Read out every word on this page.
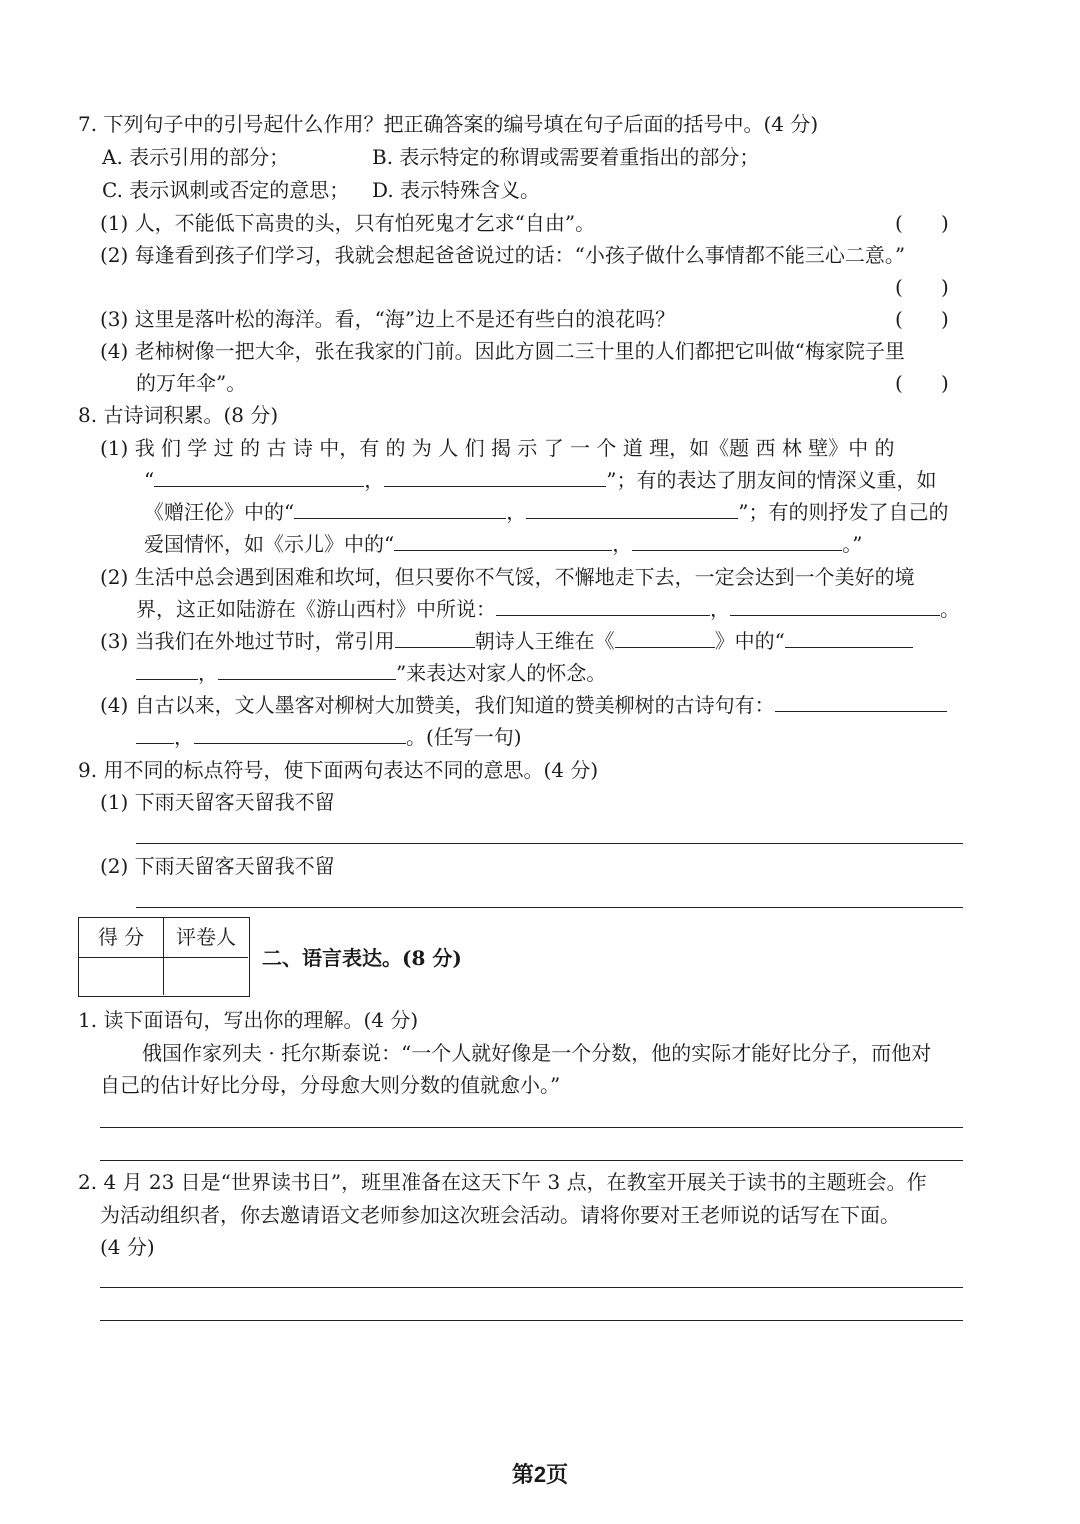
7. 下列句子中的引号起什么作用？把正确答案的编号填在句子后面的括号中。(4 分)
A. 表示引用的部分；	B. 表示特定的称谓或需要着重指出的部分；
C. 表示讽刺或否定的意思； D. 表示特殊含义。
(1) 人，不能低下高贵的头，只有怕死鬼才乞求“自由”。	(      )
(2) 每逢看到孩子们学习，我就会想起爸爸说过的话：“小孩子做什么事情都不能三心二意。”
(      )
(3) 这里是落叶松的海洋。看，“海”边上不是还有些白的浪花吗？	(      )
(4) 老柿树像一把大伞，张在我家的门前。因此方圆二三十里的人们都把它叫做“梅家院子里
的万年伞”。	(      )
8. 古诗词积累。(8 分)
(1) 我 们 学 过 的 古 诗 中，有 的 为 人 们 揭 示 了 一 个 道 理，如《题 西 林 壁》中 的
“	，	”；有的表达了朋友间的情深义重，如
《赠汪伦》中的“	，	”；有的则抒发了自己的
爱国情怀，如《示儿》中的“	，	。”
(2) 生活中总会遇到困难和坎坷，但只要你不气馁，不懈地走下去，一定会达到一个美好的境
界，这正如陆游在《游山西村》中所说：	，	。
(3) 当我们在外地过节时，常引用	朝诗人王维在《	》中的“
，	”来表达对家人的怀念。
(4) 自古以来，文人墨客对柳树大加赞美，我们知道的赞美柳树的古诗句有：
，	。(任写一句)
9. 用不同的标点符号，使下面两句表达不同的意思。(4 分)
(1) 下雨天留客天留我不留
(2) 下雨天留客天留我不留
得 分	评卷人
二、语言表达。(8 分)
1. 读下面语句，写出你的理解。(4 分)
俄国作家列夫 · 托尔斯泰说：“一个人就好像是一个分数，他的实际才能好比分子，而他对
自己的估计好比分母，分母愈大则分数的值就愈小。”
2. 4 月 23 日是“世界读书日”，班里准备在这天下午 3 点，在教室开展关于读书的主题班会。作
为活动组织者，你去邀请语文老师参加这次班会活动。请将你要对王老师说的话写在下面。
(4 分)
第2页
